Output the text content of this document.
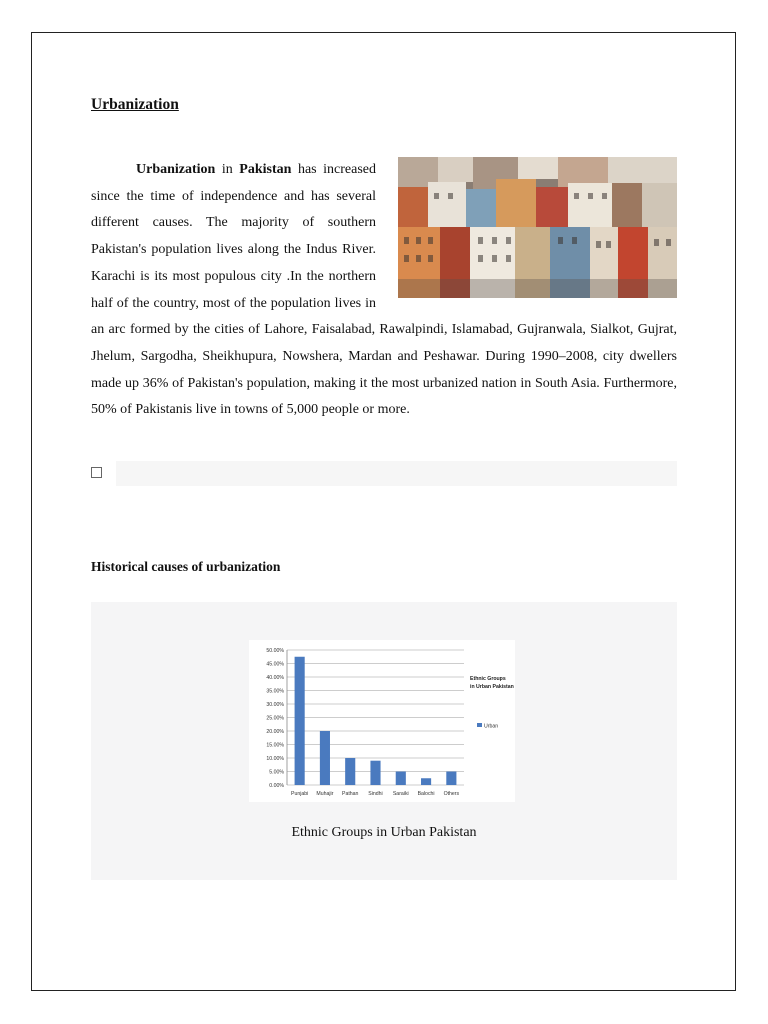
Urbanization
Urbanization in Pakistan has increased since the time of independence and has several different causes. The majority of southern Pakistan's population lives along the Indus River. Karachi is its most populous city .In the northern half of the country, most of the population lives in an arc formed by the cities of Lahore, Faisalabad, Rawalpindi, Islamabad, Gujranwala, Sialkot, Gujrat, Jhelum, Sargodha, Sheikhupura, Nowshera, Mardan and Peshawar. During 1990–2008, city dwellers made up 36% of Pakistan's population, making it the most urbanized nation in South Asia. Furthermore, 50% of Pakistanis live in towns of 5,000 people or more.
Historical causes of urbanization
0.00%
5.00%
10.00%
15.00%
20.00%
25.00%
30.00%
35.00%
40.00%
45.00%
50.00%
Punjabi Muhajir Pathan Sindhi Saraiki Balochi Others
Ethnic Groups in Urban Pakistan
Urban
Ethnic Groups in Urban Pakistan
